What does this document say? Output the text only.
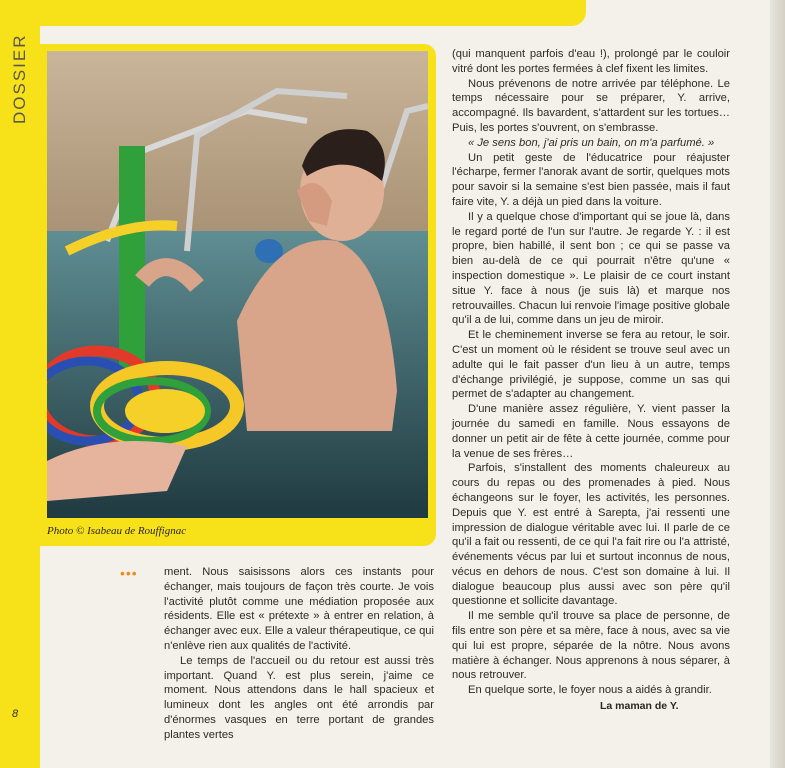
DOSSIER
Photo © Isabeau de Rouffignac

(qui manquent parfois d'eau !), prolongé par le couloir vitré dont les portes fermées à clef fixent les limites.

Nous prévenons de notre arrivée par téléphone. Le temps nécessaire pour se préparer, Y. arrive, accompagné. Ils bavardent, s'attardent sur les tortues… Puis, les portes s'ouvrent, on s'embrasse.

« Je sens bon, j'ai pris un bain, on m'a parfumé. »

Un petit geste de l'éducatrice pour réajuster l'écharpe, fermer l'anorak avant de sortir, quelques mots pour savoir si la semaine s'est bien passée, mais il faut faire vite, Y. a déjà un pied dans la voiture.

Il y a quelque chose d'important qui se joue là, dans le regard porté de l'un sur l'autre. Je regarde Y. : il est propre, bien habillé, il sent bon ; ce qui se passe va bien au-delà de ce qui pourrait n'être qu'une « inspection domestique ». Le plaisir de ce court instant situe Y. face à nous (je suis là) et marque nos retrouvailles. Chacun lui renvoie l'image positive globale qu'il a de lui, comme dans un jeu de miroir.

Et le cheminement inverse se fera au retour, le soir. C'est un moment où le résident se trouve seul avec un adulte qui le fait passer d'un lieu à un autre, temps d'échange privilégié, je suppose, comme un sas qui permet de s'adapter au changement.

D'une manière assez régulière, Y. vient passer la journée du samedi en famille. Nous essayons de donner un petit air de fête à cette journée, comme pour la venue de ses frères…

Parfois, s'installent des moments chaleureux au cours du repas ou des promenades à pied. Nous échangeons sur le foyer, les activités, les personnes. Depuis que Y. est entré à Sarepta, j'ai ressenti une impression de dialogue véritable avec lui. Il parle de ce qu'il a fait ou ressenti, de ce qui l'a fait rire ou l'a attristé, événements vécus par lui et surtout inconnus de nous, vécus en dehors de nous. C'est son domaine à lui. Il dialogue beaucoup plus aussi avec son père qu'il questionne et sollicite davantage.

Il me semble qu'il trouve sa place de personne, de fils entre son père et sa mère, face à nous, avec sa vie qui lui est propre, séparée de la nôtre. Nous avons matière à échanger. Nous apprenons à nous séparer, à nous retrouver.

En quelque sorte, le foyer nous a aidés à grandir.

••• ment. Nous saisissons alors ces instants pour échanger, mais toujours de façon très courte. Je vois l'activité plutôt comme une médiation proposée aux résidents. Elle est « prétexte » à entrer en relation, à échanger avec eux. Elle a valeur thérapeutique, ce qui n'enlève rien aux qualités de l'activité.

Le temps de l'accueil ou du retour est aussi très important. Quand Y. est plus serein, j'aime ce moment. Nous attendons dans le hall spacieux et lumineux dont les angles ont été arrondis par d'énormes vasques en terre portant de grandes plantes vertes

La maman de Y.
8
